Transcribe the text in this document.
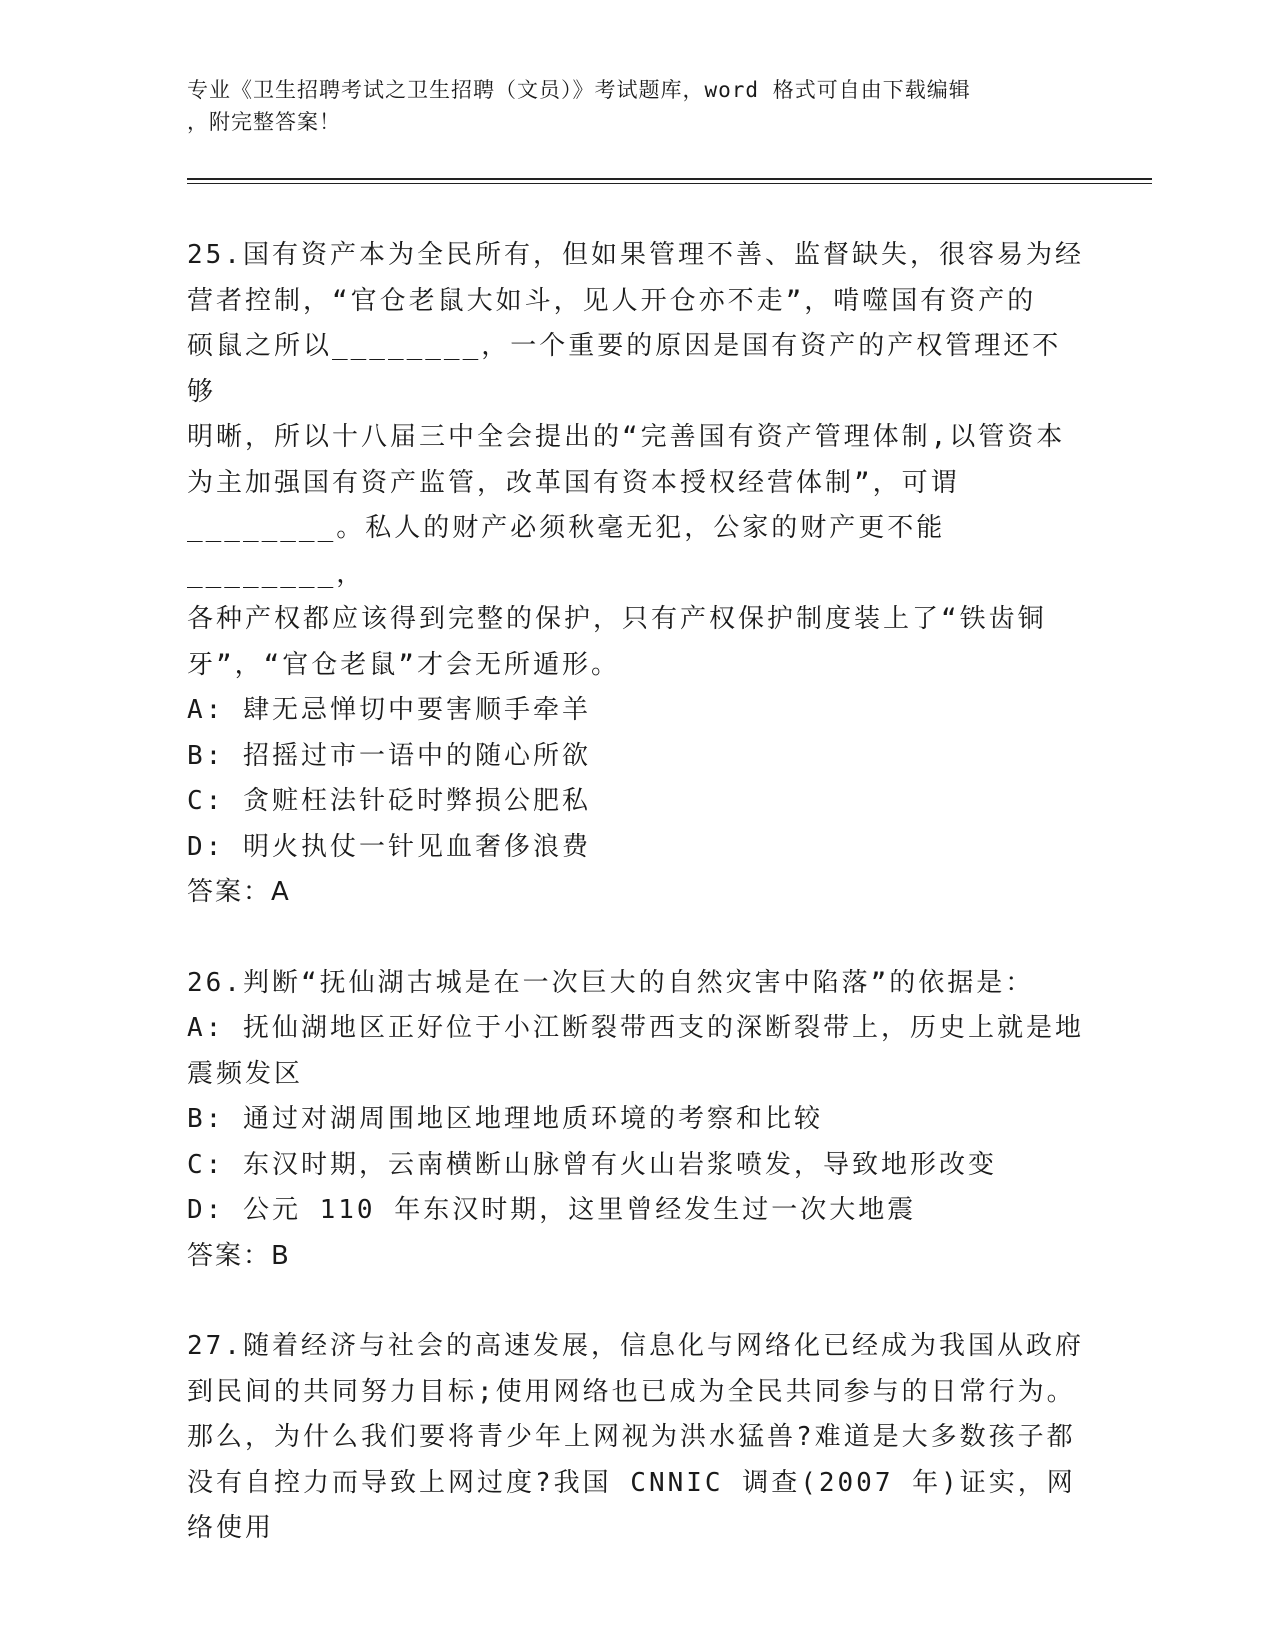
专业《卫生招聘考试之卫生招聘（文员）》考试题库，word 格式可自由下载编辑
，附完整答案！

25.国有资产本为全民所有，但如果管理不善、监督缺失，很容易为经

营者控制，“官仓老鼠大如斗，见人开仓亦不走”，啃噬国有资产的

硕鼠之所以________，一个重要的原因是国有资产的产权管理还不够

明晰，所以十八届三中全会提出的“完善国有资产管理体制,以管资本

为主加强国有资产监管，改革国有资本授权经营体制”，可谓

________。私人的财产必须秋毫无犯，公家的财产更不能________，

各种产权都应该得到完整的保护，只有产权保护制度装上了“铁齿铜

牙”，“官仓老鼠”才会无所遁形。

A: 肆无忌惮切中要害顺手牵羊

B: 招摇过市一语中的随心所欲

C: 贪赃枉法针砭时弊损公肥私

D: 明火执仗一针见血奢侈浪费

答案：A

26.判断“抚仙湖古城是在一次巨大的自然灾害中陷落”的依据是：

A: 抚仙湖地区正好位于小江断裂带西支的深断裂带上，历史上就是地

震频发区

B: 通过对湖周围地区地理地质环境的考察和比较

C: 东汉时期，云南横断山脉曾有火山岩浆喷发，导致地形改变

D: 公元 110 年东汉时期，这里曾经发生过一次大地震

答案：B

27.随着经济与社会的高速发展，信息化与网络化已经成为我国从政府

到民间的共同努力目标;使用网络也已成为全民共同参与的日常行为。

那么，为什么我们要将青少年上网视为洪水猛兽?难道是大多数孩子都

没有自控力而导致上网过度?我国 CNNIC 调查(2007 年)证实，网络使用
